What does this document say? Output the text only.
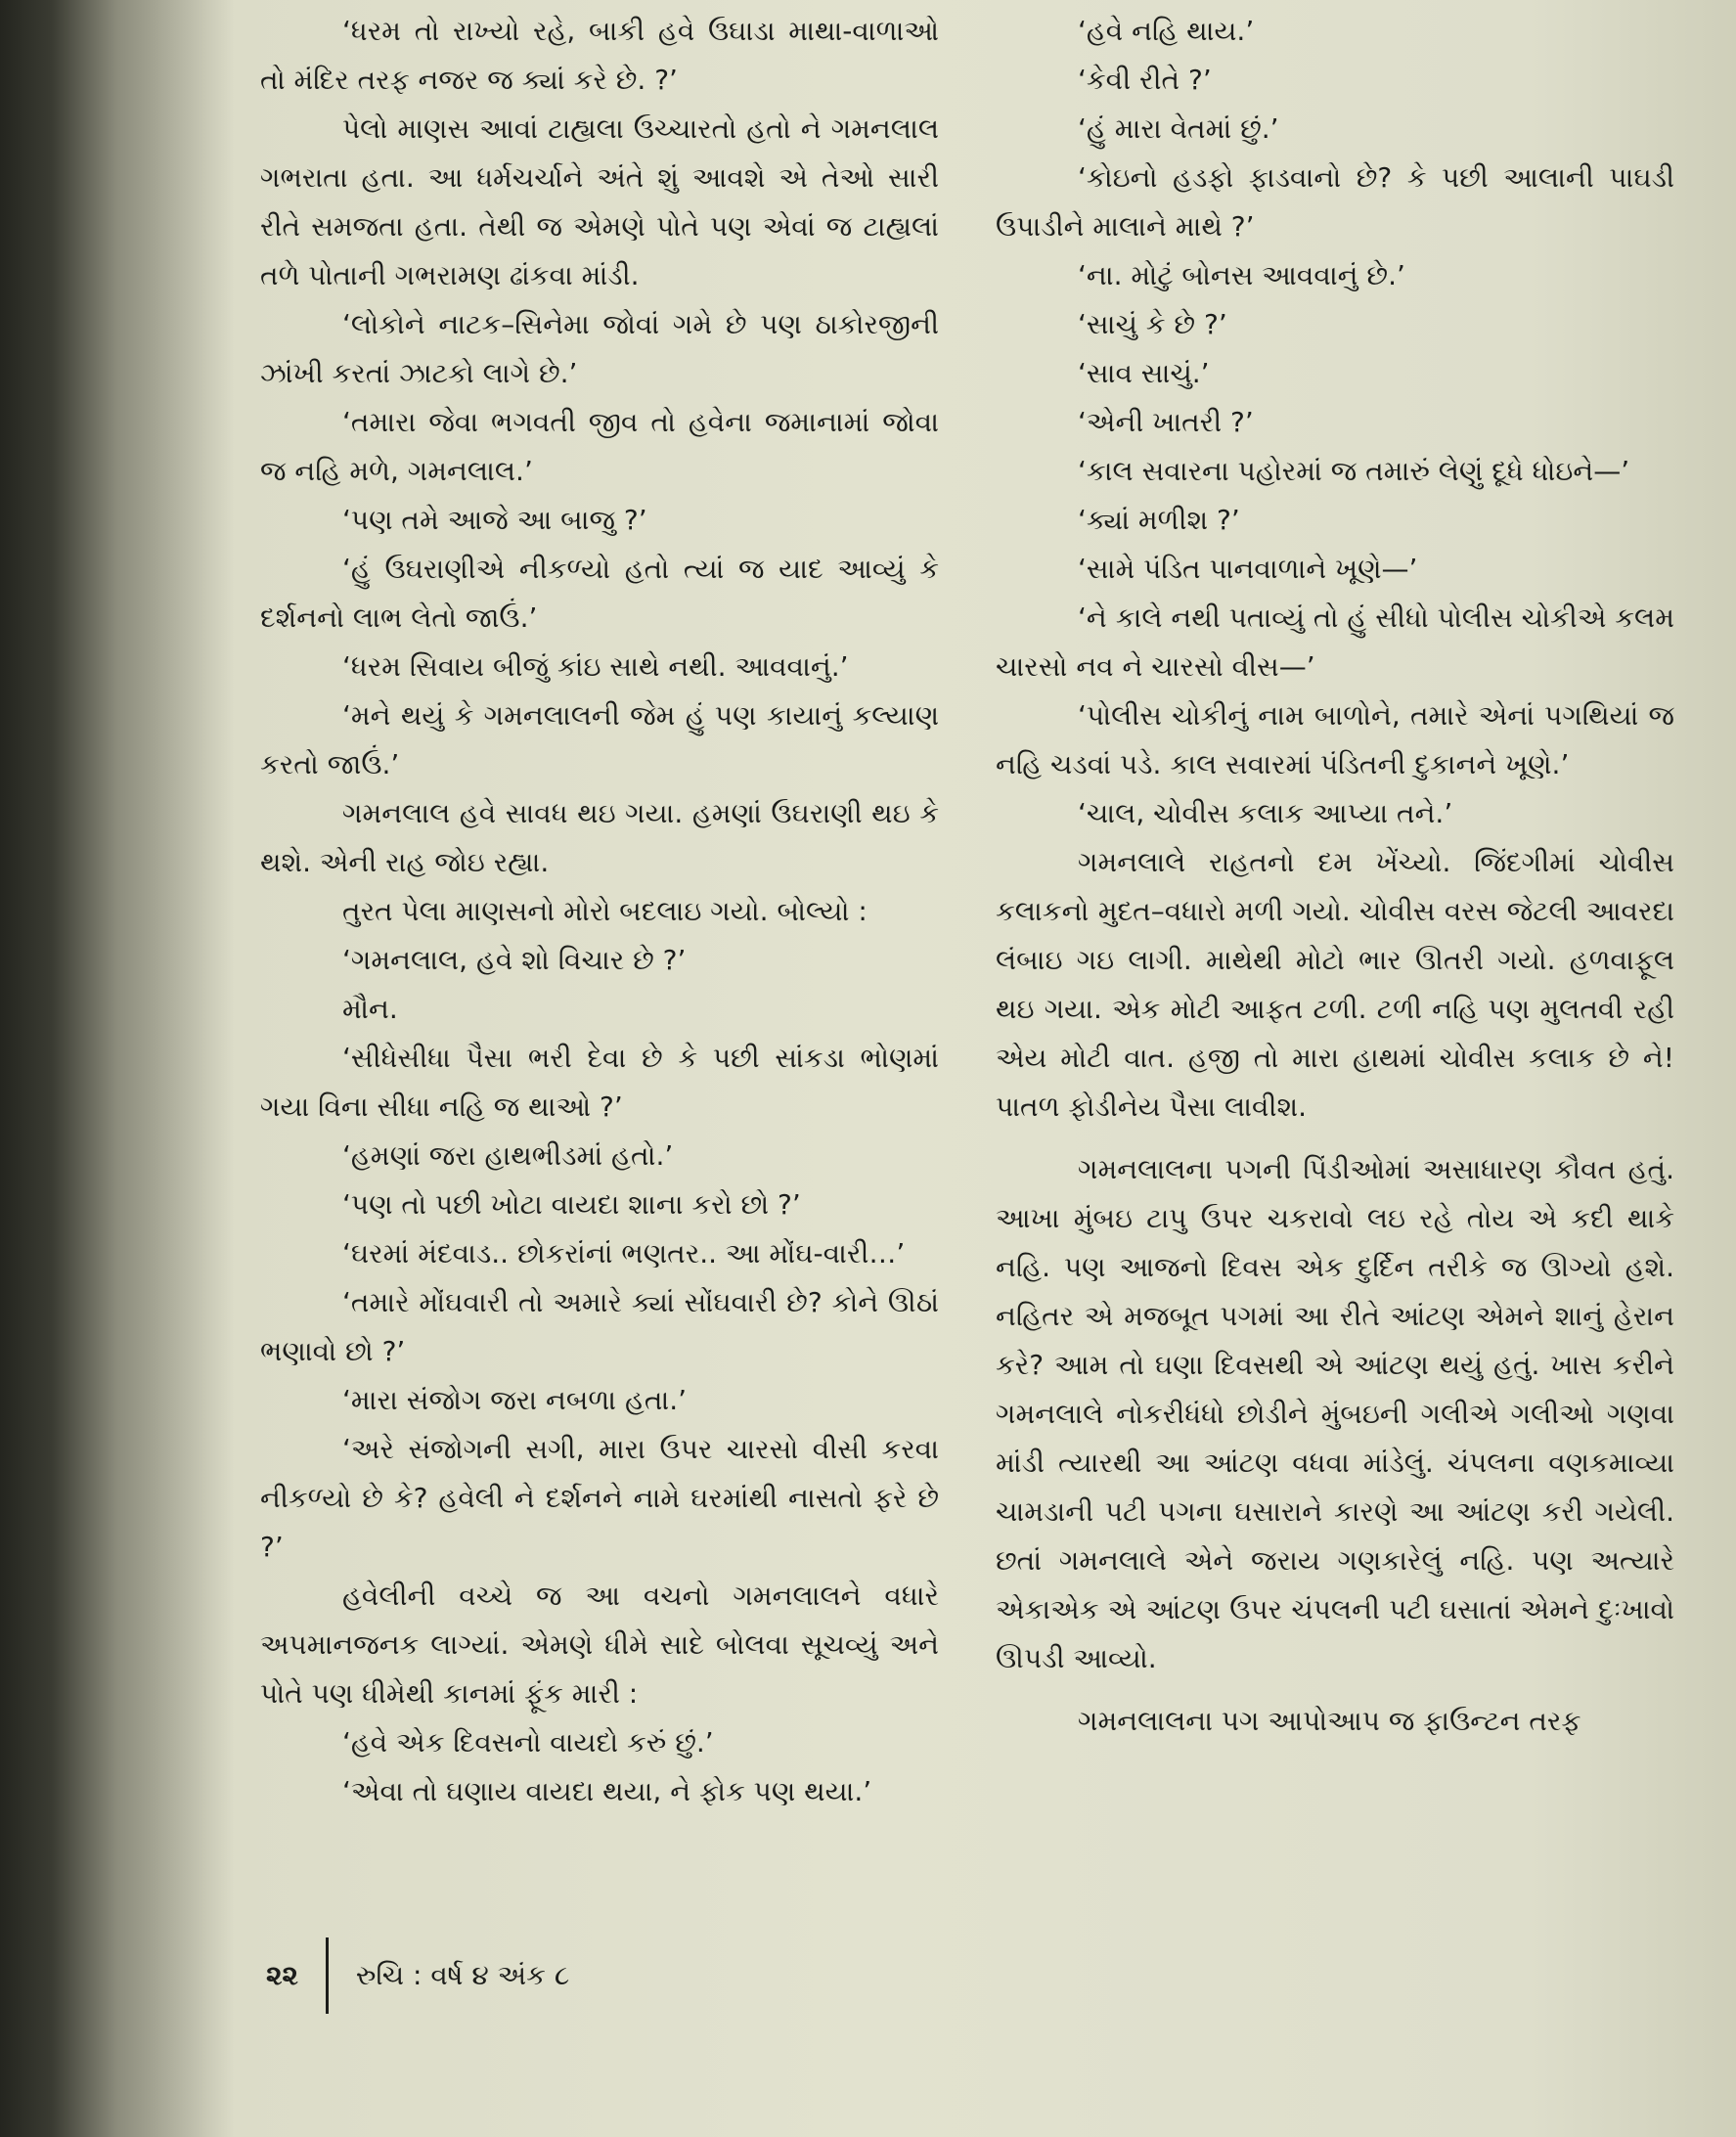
‘ધરમ તો રાખ્યો રહે, બાકી હવે ઉઘાડા માથા-વાળાઓ તો મંદિર તરફ નજર જ ક્યાં કરે છે. ?’

પેલો માણસ આવાં ટાહ્યલા ઉચ્ચારતો હતો ને ગમનલાલ ગભરાતા હતા. આ ધર્મચર્ચાને અંતે શું આવશે એ તેઓ સારી રીતે સમજતા હતા. તેથી જ એમણે પોતે પણ એવાં જ ટાહ્યલાં તળે પોતાની ગભરામણ ઢાંકવા માંડી.

‘લોકોને નાટક–સિનેમા જોવાં ગમે છે પણ ઠાકોરજીની ઝાંખી કરતાં ઝાટકો લાગે છે.’

‘તમારા જેવા ભગવતી જીવ તો હવેના જમાનામાં જોવા જ નહિ મળે, ગમનલાલ.’

‘પણ તમે આજે આ બાજુ ?’

‘હું ઉઘરાણીએ નીકળ્યો હતો ત્યાં જ યાદ આવ્યું કે દર્શનનો લાભ લેતો જાઉં.’

‘ધરમ સિવાય બીજું કાંઇ સાથે નથી. આવવાનું.’

‘મને થયું કે ગમનલાલની જેમ હું પણ કાયાનું કલ્યાણ કરતો જાઉં.’

ગમનલાલ હવે સાવધ થઇ ગયા. હમણાં ઉઘરાણી થઇ કે થશે. એની રાહ જોઇ રહ્યા.

તુરત પેલા માણસનો મોરો બદલાઇ ગયો. બોલ્યો :

‘ગમનલાલ, હવે શો વિચાર છે ?’

મૌન.

‘સીધેસીધા પૈસા ભરી દેવા છે કે પછી સાંકડા ભોણમાં ગયા વિના સીધા નહિ જ થાઓ ?’

‘હમણાં જરા હાથભીડમાં હતો.’

‘પણ તો પછી ખોટા વાયદા શાના કરો છો ?’

‘ઘરમાં મંદવાડ.. છોકરાંનાં ભણતર.. આ મોંઘ-વારી…’

‘તમારે મોંઘવારી તો અમારે ક્યાં સોંઘવારી છે? કોને ઊઠાં ભણાવો છો ?’

‘મારા સંજોગ જરા નબળા હતા.’

‘અરે સંજોગની સગી, મારા ઉપર ચારસો વીસી કરવા નીકળ્યો છે કે? હવેલી ને દર્શનને નામે ઘરમાંથી નાસતો ફરે છે ?’

હવેલીની વચ્ચે જ આ વચનો ગમનલાલને વધારે અપમાનજનક લાગ્યાં. એમણે ધીમે સાદે બોલવા સૂચવ્યું અને પોતે પણ ધીમેથી કાનમાં ફૂંક મારી :

‘હવે એક દિવસનો વાયદો કરું છું.’

‘એવા તો ઘણાય વાયદા થયા, ને ફોક પણ થયા.’

‘હવે નહિ થાય.’

‘કેવી રીતે ?’

‘હું મારા વેતમાં છું.’

‘કોઇનો હડફો ફાડવાનો છે? કે પછી આલાની પાઘડી ઉપાડીને માલાને માથે ?’

‘ના. મોટું બોનસ આવવાનું છે.’

‘સાચું કે છે ?’

‘સાવ સાચું.’

‘એની ખાતરી ?’

‘કાલ સવારના પહોરમાં જ તમારું લેણું દૂધે ધોઇને—’

‘ક્યાં મળીશ ?’

‘સામે પંડિત પાનવાળાને ખૂણે—’

‘ને કાલે નથી પતાવ્યું તો હું સીધો પોલીસ ચોકીએ કલમ ચારસો નવ ને ચારસો વીસ—’

‘પોલીસ ચોકીનું નામ બાળોને, તમારે એનાં પગથિયાં જ નહિ ચડવાં પડે. કાલ સવારમાં પંડિતની દુકાનને ખૂણે.’

‘ચાલ, ચોવીસ કલાક આપ્યા તને.’

ગમનલાલે રાહતનો દમ ખેંચ્યો. જિંદગીમાં ચોવીસ કલાકનો મુદત–વધારો મળી ગયો. ચોવીસ વરસ જેટલી આવરદા લંબાઇ ગઇ લાગી. માથેથી મોટો ભાર ઊતરી ગયો. હળવાફૂલ થઇ ગયા. એક મોટી આફત ટળી. ટળી નહિ પણ મુલતવી રહી એય મોટી વાત. હજી તો મારા હાથમાં ચોવીસ કલાક છે ને! પાતળ ફોડીનેય પૈસા લાવીશ.

ગમનલાલના પગની પિંડીઓમાં અસાધારણ કૌવત હતું. આખા મુંબઇ ટાપુ ઉપર ચકરાવો લઇ રહે તોય એ કદી થાકે નહિ. પણ આજનો દિવસ એક દુર્દિન તરીકે જ ઊગ્યો હશે. નહિતર એ મજબૂત પગમાં આ રીતે આંટણ એમને શાનું હેરાન કરે? આમ તો ઘણા દિવસથી એ આંટણ થયું હતું. ખાસ કરીને ગમનલાલે નોકરીધંધો છોડીને મુંબઇની ગલીએ ગલીઓ ગણવા માંડી ત્યારથી આ આંટણ વધવા માંડેલું. ચંપલના વણકમાવ્યા ચામડાની પટી પગના ઘસારાને કારણે આ આંટણ કરી ગયેલી. છતાં ગમનલાલે એને જરાય ગણકારેલું નહિ. પણ અત્યારે એકાએક એ આંટણ ઉપર ચંપલની પટી ઘસાતાં એમને દુઃખાવો ઊપડી આવ્યો.

ગમનલાલના પગ આપોઆપ જ ફાઉન્ટન તરફ

૨૨ રુચિ : વર્ષ ૪ અંક ૮
